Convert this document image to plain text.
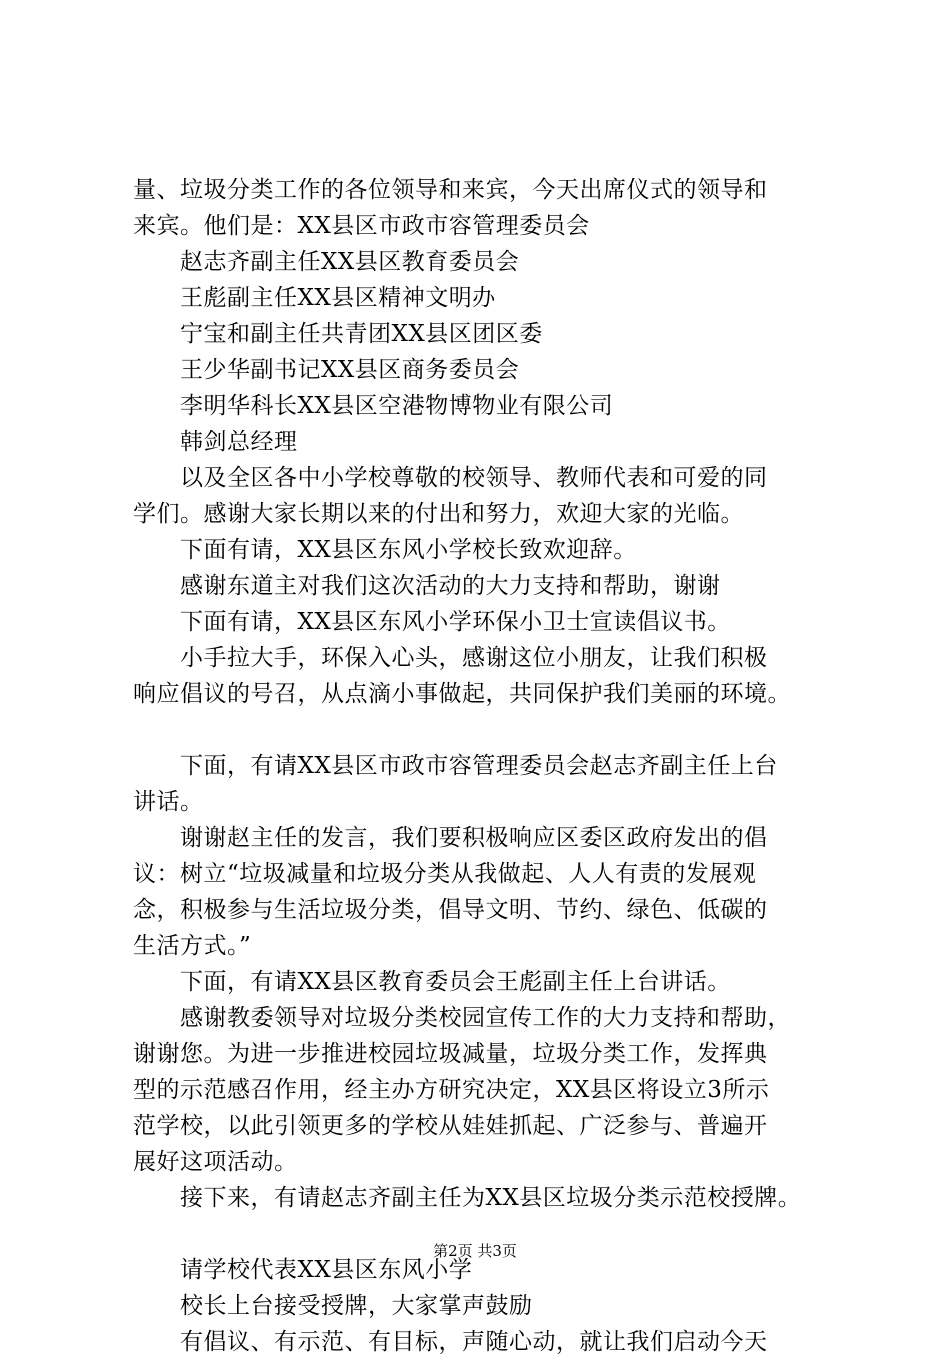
量、垃圾分类工作的各位领导和来宾，今天出席仪式的领导和
来宾。他们是：XX县区市政市容管理委员会
赵志齐副主任XX县区教育委员会
王彪副主任XX县区精神文明办
宁宝和副主任共青团XX县区团区委
王少华副书记XX县区商务委员会
李明华科长XX县区空港物博物业有限公司
韩剑总经理
以及全区各中小学校尊敬的校领导、教师代表和可爱的同
学们。感谢大家长期以来的付出和努力，欢迎大家的光临。
下面有请，XX县区东风小学校长致欢迎辞。
感谢东道主对我们这次活动的大力支持和帮助，谢谢
下面有请，XX县区东风小学环保小卫士宣读倡议书。
小手拉大手，环保入心头，感谢这位小朋友，让我们积极
响应倡议的号召，从点滴小事做起，共同保护我们美丽的环境。
下面，有请XX县区市政市容管理委员会赵志齐副主任上台
讲话。
谢谢赵主任的发言，我们要积极响应区委区政府发出的倡
议：树立“垃圾减量和垃圾分类从我做起、人人有责的发展观
念，积极参与生活垃圾分类，倡导文明、节约、绿色、低碳的
生活方式。”
下面，有请XX县区教育委员会王彪副主任上台讲话。
感谢教委领导对垃圾分类校园宣传工作的大力支持和帮助，
谢谢您。为进一步推进校园垃圾减量，垃圾分类工作，发挥典
型的示范感召作用，经主办方研究决定，XX县区将设立3所示
范学校，以此引领更多的学校从娃娃抓起、广泛参与、普遍开
展好这项活动。
接下来，有请赵志齐副主任为XX县区垃圾分类示范校授牌。
请学校代表XX县区东风小学
校长上台接受授牌，大家掌声鼓励
有倡议、有示范、有目标，声随心动，就让我们启动今天
第2页 共3页
